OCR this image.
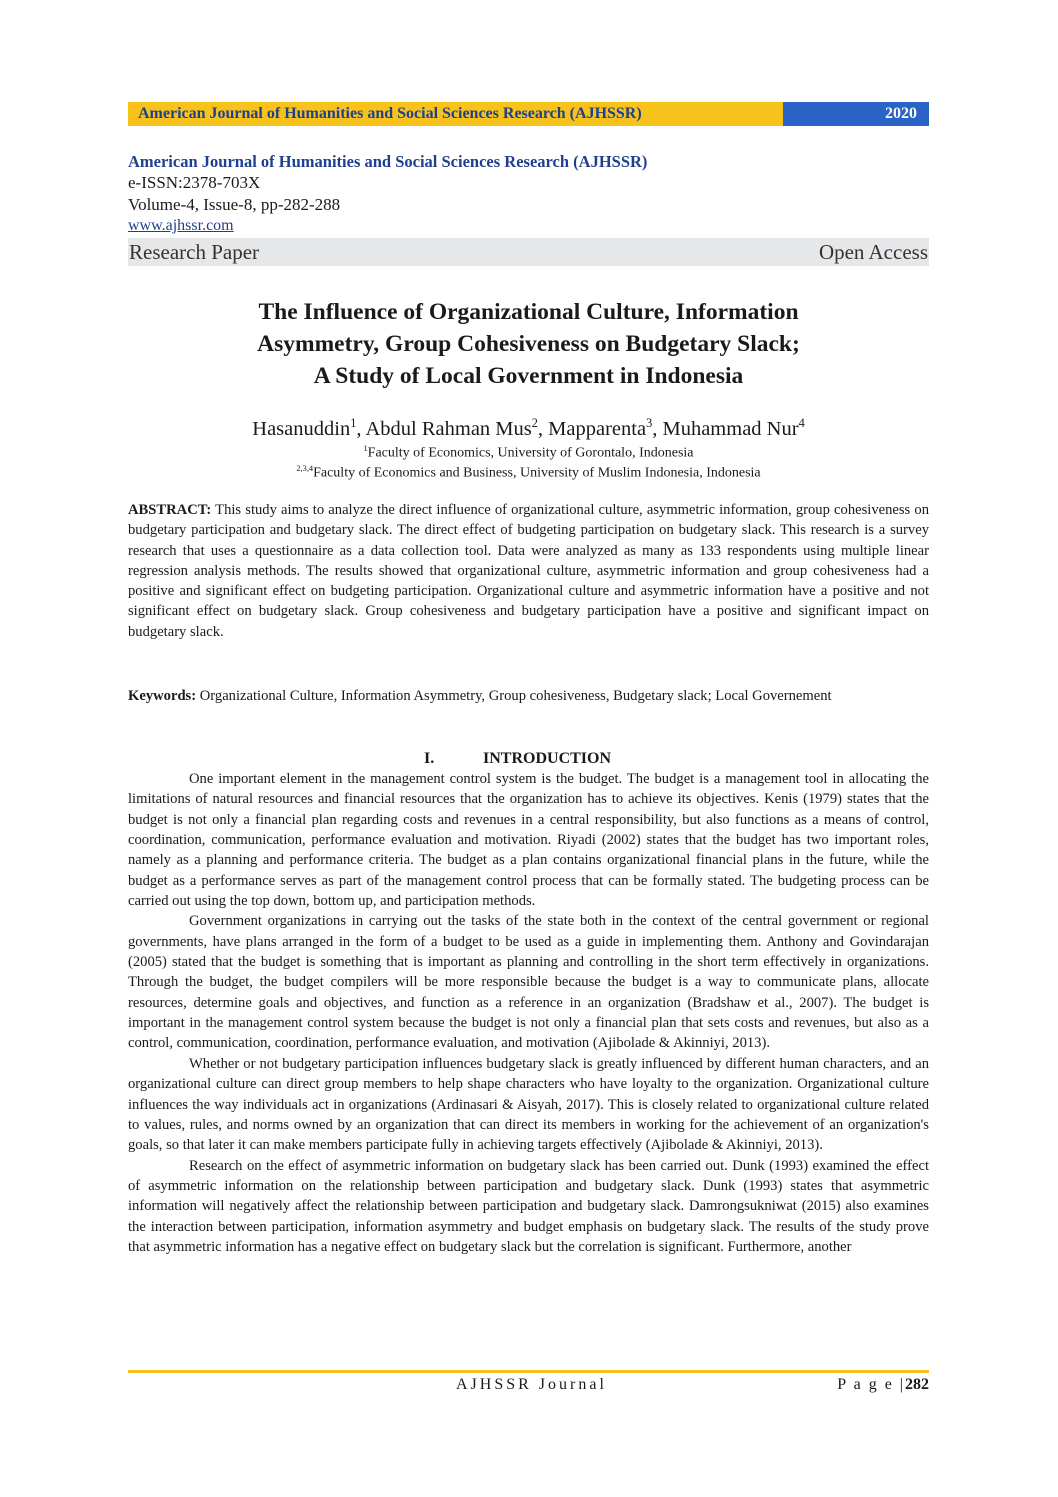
American Journal of Humanities and Social Sciences Research (AJHSSR)	2020
American Journal of Humanities and Social Sciences Research (AJHSSR)
e-ISSN:2378-703X
Volume-4, Issue-8, pp-282-288
www.ajhssr.com
Research Paper	Open Access
The Influence of Organizational Culture, Information
Asymmetry, Group Cohesiveness on Budgetary Slack;
A Study of Local Government in Indonesia
Hasanuddin$^1$, Abdul Rahman Mus$^2$, Mapparenta$^3$, Muhammad Nur$^4$
$^1$Faculty of Economics, University of Gorontalo, Indonesia
$^{2,3,4}$Faculty of Economics and Business, University of Muslim Indonesia, Indonesia
ABSTRACT: This study aims to analyze the direct influence of organizational culture, asymmetric information, group cohesiveness on budgetary participation and budgetary slack. The direct effect of budgeting participation on budgetary slack. This research is a survey research that uses a questionnaire as a data collection tool. Data were analyzed as many as 133 respondents using multiple linear regression analysis methods. The results showed that organizational culture, asymmetric information and group cohesiveness had a positive and significant effect on budgeting participation. Organizational culture and asymmetric information have a positive and not significant effect on budgetary slack. Group cohesiveness and budgetary participation have a positive and significant impact on budgetary slack.
Keywords: Organizational Culture, Information Asymmetry, Group cohesiveness, Budgetary slack; Local Governement
I.	INTRODUCTION

One important element in the management control system is the budget. The budget is a management tool in allocating the limitations of natural resources and financial resources that the organization has to achieve its objectives. Kenis (1979) states that the budget is not only a financial plan regarding costs and revenues in a central responsibility, but also functions as a means of control, coordination, communication, performance evaluation and motivation. Riyadi (2002) states that the budget has two important roles, namely as a planning and performance criteria. The budget as a plan contains organizational financial plans in the future, while the budget as a performance serves as part of the management control process that can be formally stated. The budgeting process can be carried out using the top down, bottom up, and participation methods.

Government organizations in carrying out the tasks of the state both in the context of the central government or regional governments, have plans arranged in the form of a budget to be used as a guide in implementing them. Anthony and Govindarajan (2005) stated that the budget is something that is important as planning and controlling in the short term effectively in organizations. Through the budget, the budget compilers will be more responsible because the budget is a way to communicate plans, allocate resources, determine goals and objectives, and function as a reference in an organization (Bradshaw et al., 2007). The budget is important in the management control system because the budget is not only a financial plan that sets costs and revenues, but also as a control, communication, coordination, performance evaluation, and motivation (Ajibolade & Akinniyi, 2013).

Whether or not budgetary participation influences budgetary slack is greatly influenced by different human characters, and an organizational culture can direct group members to help shape characters who have loyalty to the organization. Organizational culture influences the way individuals act in organizations (Ardinasari & Aisyah, 2017). This is closely related to organizational culture related to values, rules, and norms owned by an organization that can direct its members in working for the achievement of an organization's goals, so that later it can make members participate fully in achieving targets effectively (Ajibolade & Akinniyi, 2013).

Research on the effect of asymmetric information on budgetary slack has been carried out. Dunk (1993) examined the effect of asymmetric information on the relationship between participation and budgetary slack. Dunk (1993) states that asymmetric information will negatively affect the relationship between participation and budgetary slack. Damrongsukniwat (2015) also examines the interaction between participation, information asymmetry and budget emphasis on budgetary slack. The results of the study prove that asymmetric information has a negative effect on budgetary slack but the correlation is significant. Furthermore, another

AJHSSR Journal	P a g e |282
